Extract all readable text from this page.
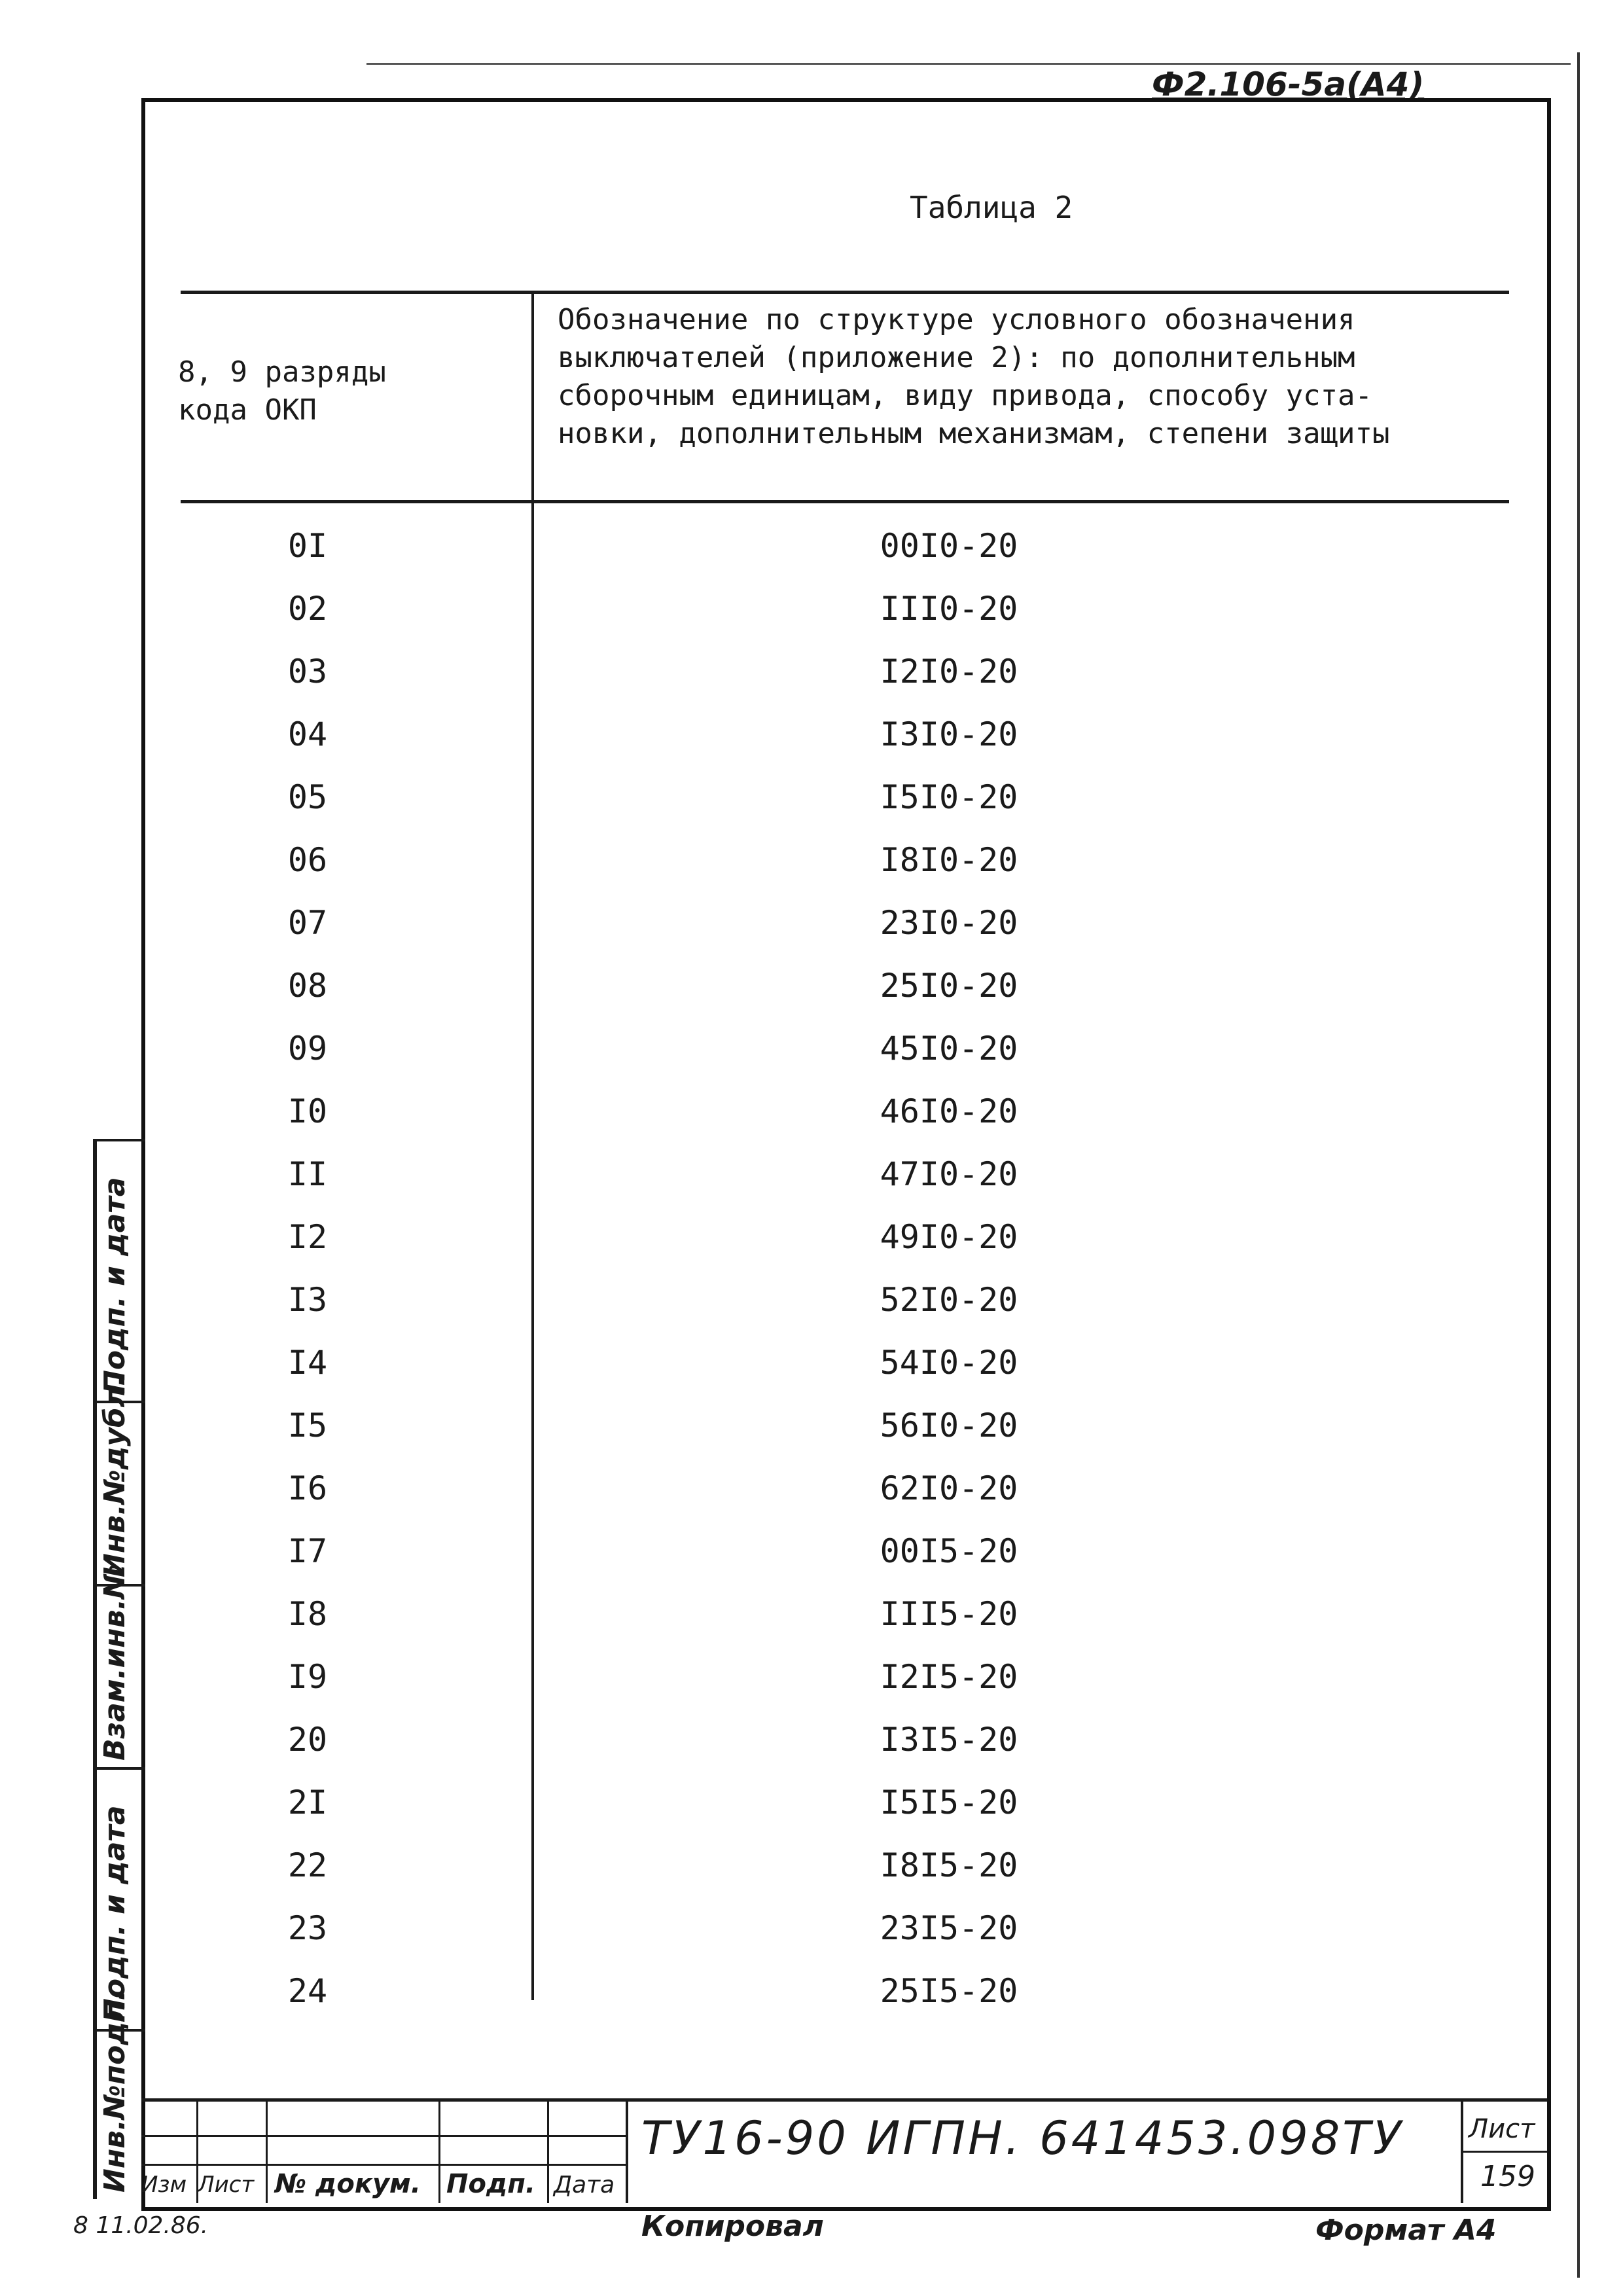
Ф2.106-5а(А4)
Таблица 2
8, 9 разряды
кода ОКП
Обозначение по структуре условного обозначения
выключателей (приложение 2): по дополнительным
сборочным единицам, виду привода, способу уста-
новки, дополнительным механизмам, степени защиты
0I	00I0-20
02	III0-20
03	I2I0-20
04	I3I0-20
05	I5I0-20
06	I8I0-20
07	23I0-20
08	25I0-20
09	45I0-20
I0	46I0-20
II	47I0-20
I2	49I0-20
I3	52I0-20
I4	54I0-20
I5	56I0-20
I6	62I0-20
I7	00I5-20
I8	III5-20
I9	I2I5-20
20	I3I5-20
2I	I5I5-20
22	I8I5-20
23	23I5-20
24	25I5-20
Подп. и дата
Инв.№дубл.
Взам.инв.№
Подп. и дата
Инв.№подл. Изм Лист № докум. Подп. Дата
ТУ16-90 ИГПН. 641453.098ТУ Лист
159
8 11.02.86.	Копировал	Формат А4
